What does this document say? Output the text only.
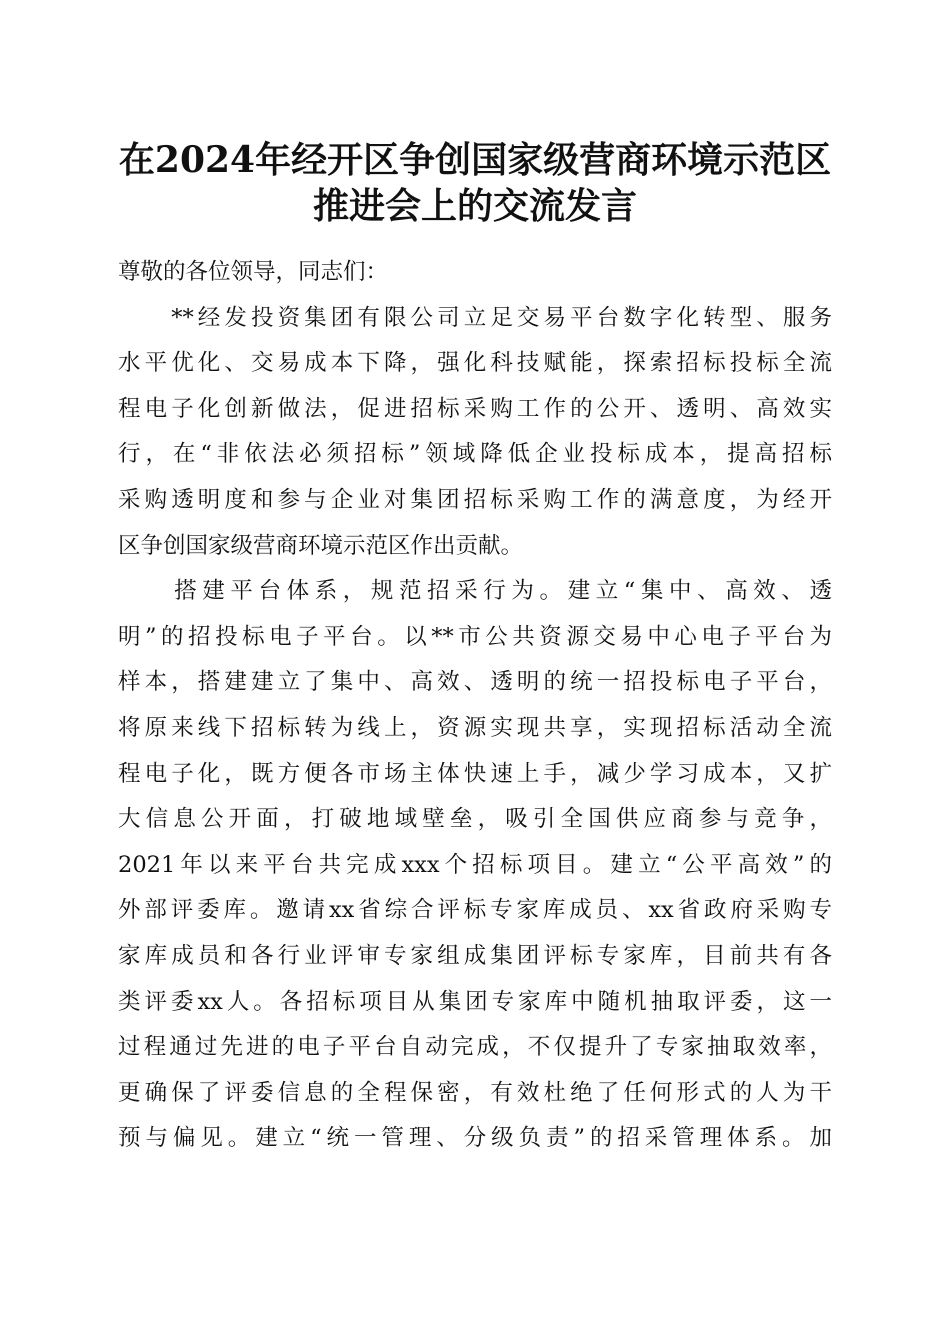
在2024年经开区争创国家级营商环境示范区
推进会上的交流发言
尊敬的各位领导，同志们：
　　**经发投资集团有限公司立足交易平台数字化转型、服务
水平优化、交易成本下降，强化科技赋能，探索招标投标全流
程电子化创新做法，促进招标采购工作的公开、透明、高效实
行，在“非依法必须招标”领域降低企业投标成本，提高招标
采购透明度和参与企业对集团招标采购工作的满意度，为经开
区争创国家级营商环境示范区作出贡献。
　　搭建平台体系，规范招采行为。建立“集中、高效、透
明”的招投标电子平台。以**市公共资源交易中心电子平台为
样本，搭建建立了集中、高效、透明的统一招投标电子平台，
将原来线下招标转为线上，资源实现共享，实现招标活动全流
程电子化，既方便各市场主体快速上手，减少学习成本，又扩
大信息公开面，打破地域壁垒，吸引全国供应商参与竞争，
2021年以来平台共完成xxx个招标项目。建立“公平高效”的
外部评委库。邀请xx省综合评标专家库成员、xx省政府采购专
家库成员和各行业评审专家组成集团评标专家库，目前共有各
类评委xx人。各招标项目从集团专家库中随机抽取评委，这一
过程通过先进的电子平台自动完成，不仅提升了专家抽取效率，
更确保了评委信息的全程保密，有效杜绝了任何形式的人为干
预与偏见。建立“统一管理、分级负责”的招采管理体系。加
